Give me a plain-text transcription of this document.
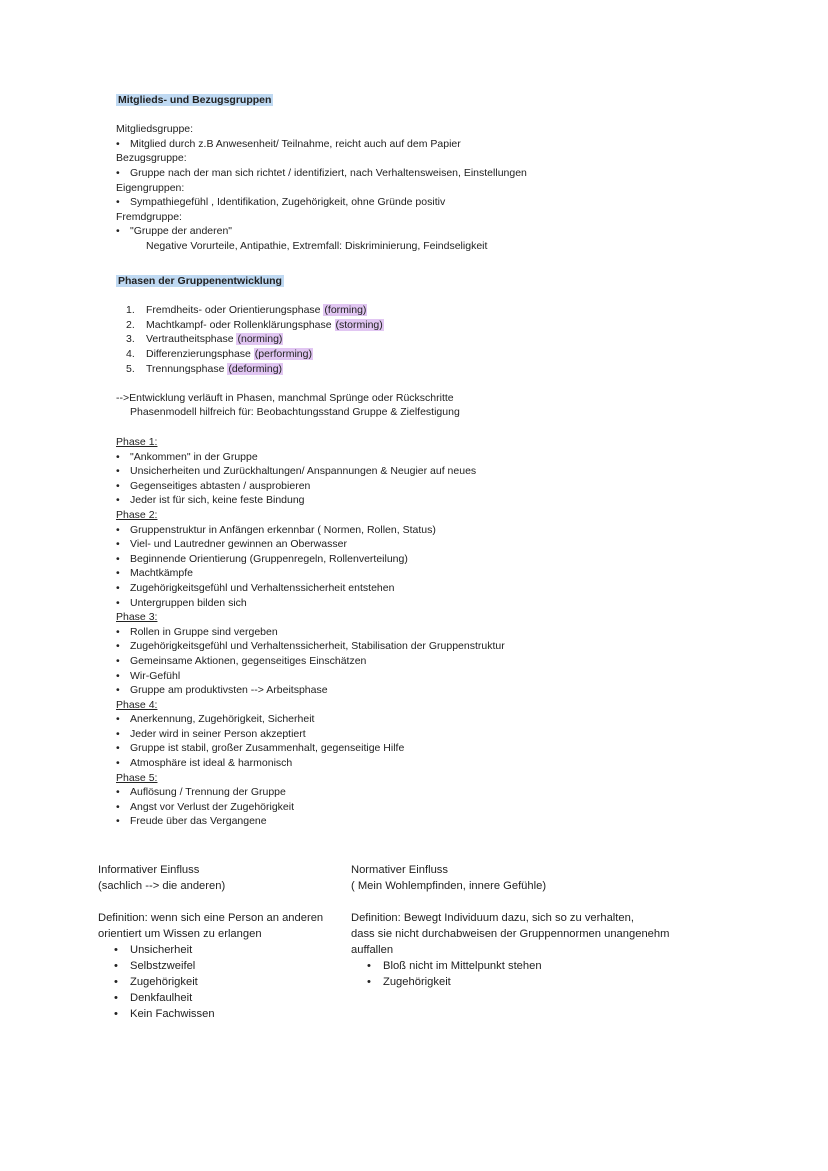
Mitglieds- und Bezugsgruppen
Mitgliedsgruppe:
• Mitglied durch z.B Anwesenheit/ Teilnahme, reicht auch auf dem Papier
Bezugsgruppe:
• Gruppe nach der man sich richtet / identifiziert, nach Verhaltensweisen, Einstellungen
Eigengruppen:
• Sympathiegefühl , Identifikation, Zugehörigkeit, ohne Gründe positiv
Fremdgruppe:
• "Gruppe der anderen"
Negative Vorurteile, Antipathie, Extremfall: Diskriminierung, Feindseligkeit
Phasen der Gruppenentwicklung
1. Fremdheits- oder Orientierungsphase (forming)
2. Machtkampf- oder Rollenklärungsphase (storming)
3. Vertrautheitsphase (norming)
4. Differenzierungsphase (performing)
5. Trennungsphase (deforming)
-->Entwicklung verläuft in Phasen, manchmal Sprünge oder Rückschritte
Phasenmodell hilfreich für: Beobachtungsstand Gruppe & Zielfestigung
Phase 1:
• "Ankommen" in der Gruppe
• Unsicherheiten und Zurückhaltungen/ Anspannungen & Neugier auf neues
• Gegenseitiges abtasten / ausprobieren
• Jeder ist für sich, keine feste Bindung
Phase 2:
• Gruppenstruktur in Anfängen erkennbar ( Normen, Rollen, Status)
• Viel- und Lautredner gewinnen an Oberwasser
• Beginnende Orientierung (Gruppenregeln, Rollenverteilung)
• Machtkämpfe
• Zugehörigkeitsgefühl und Verhaltenssicherheit entstehen
• Untergruppen bilden sich
Phase 3:
• Rollen in Gruppe sind vergeben
• Zugehörigkeitsgefühl und Verhaltenssicherheit, Stabilisation der Gruppenstruktur
• Gemeinsame Aktionen, gegenseitiges Einschätzen
• Wir-Gefühl
• Gruppe am produktivsten --> Arbeitsphase
Phase 4:
• Anerkennung, Zugehörigkeit, Sicherheit
• Jeder wird in seiner Person akzeptiert
• Gruppe ist stabil, großer Zusammenhalt, gegenseitige Hilfe
• Atmosphäre ist ideal & harmonisch
Phase 5:
• Auflösung / Trennung der Gruppe
• Angst vor Verlust der Zugehörigkeit
• Freude über das Vergangene
Informativer Einfluss
(sachlich --> die anderen)
Definition: wenn sich eine Person an anderen
orientiert um Wissen zu erlangen
• Unsicherheit
• Selbstzweifel
• Zugehörigkeit
• Denkfaulheit
• Kein Fachwissen
Normativer Einfluss
( Mein Wohlempfinden, innere Gefühle)
Definition: Bewegt Individuum dazu, sich so zu verhalten,
dass sie nicht durchabweisen der Gruppennormen unangenehm
auffallen
• Bloß nicht im Mittelpunkt stehen
• Zugehörigkeit
